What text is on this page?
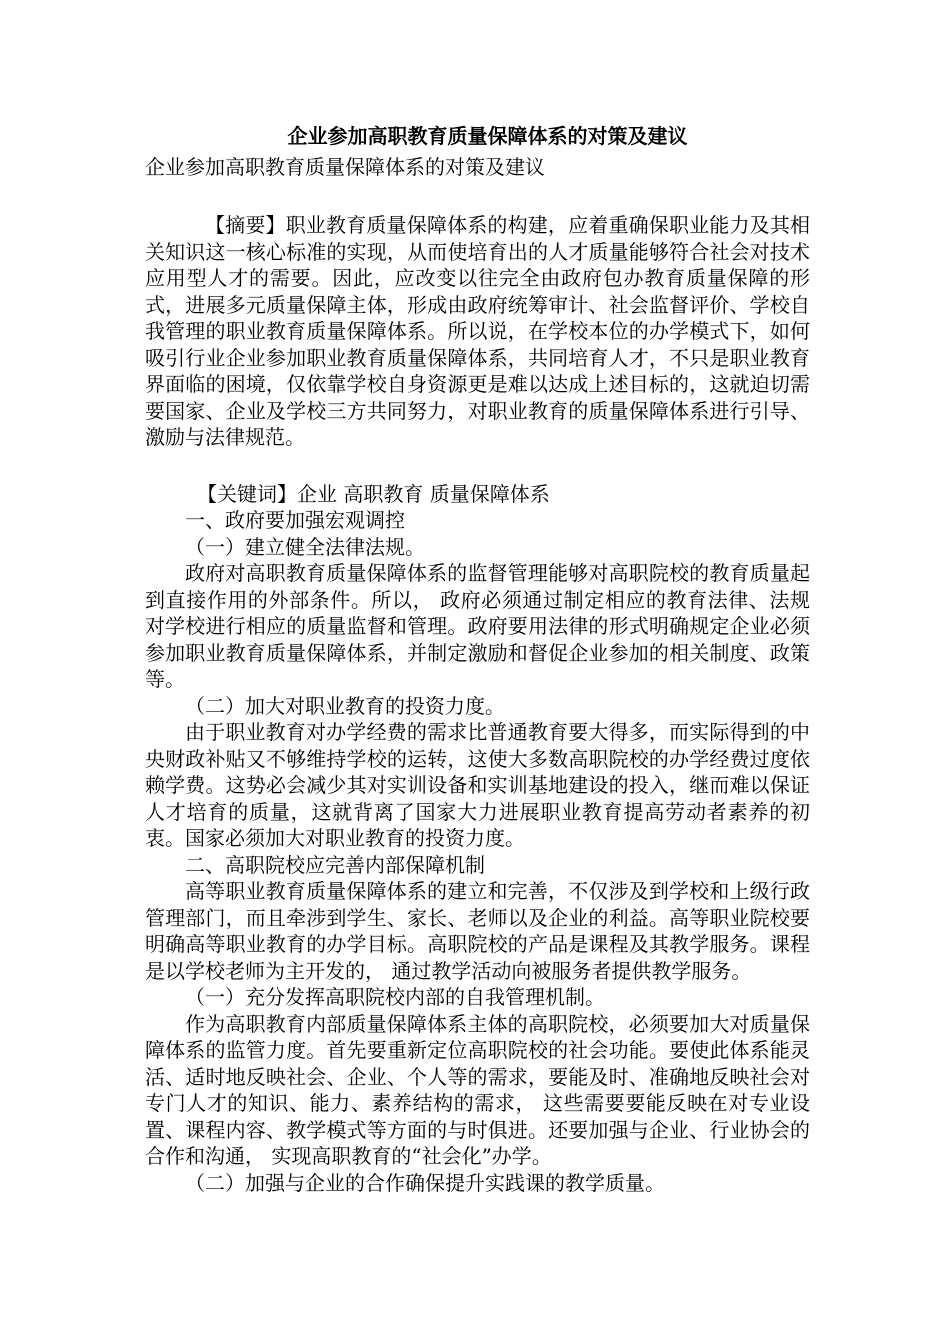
企业参加高职教育质量保障体系的对策及建议

企业参加高职教育质量保障体系的对策及建议

【摘要】职业教育质量保障体系的构建，应着重确保职业能力及其相关知识这一核心标准的实现，从而使培育出的人才质量能够符合社会对技术应用型人才的需要。因此，应改变以往完全由政府包办教育质量保障的形式，进展多元质量保障主体，形成由政府统筹审计、社会监督评价、学校自我管理的职业教育质量保障体系。所以说，在学校本位的办学模式下，如何吸引行业企业参加职业教育质量保障体系，共同培育人才，不只是职业教育界面临的困境，仅依靠学校自身资源更是难以达成上述目标的，这就迫切需要国家、企业及学校三方共同努力，对职业教育的质量保障体系进行引导、激励与法律规范。

【关键词】企业 高职教育 质量保障体系

一、政府要加强宏观调控

（一）建立健全法律法规。

政府对高职教育质量保障体系的监督管理能够对高职院校的教育质量起到直接作用的外部条件。所以， 政府必须通过制定相应的教育法律、法规对学校进行相应的质量监督和管理。政府要用法律的形式明确规定企业必须参加职业教育质量保障体系，并制定激励和督促企业参加的相关制度、政策等。

（二）加大对职业教育的投资力度。

由于职业教育对办学经费的需求比普通教育要大得多，而实际得到的中央财政补贴又不够维持学校的运转，这使大多数高职院校的办学经费过度依赖学费。这势必会减少其对实训设备和实训基地建设的投入，继而难以保证人才培育的质量，这就背离了国家大力进展职业教育提高劳动者素养的初衷。国家必须加大对职业教育的投资力度。

二、高职院校应完善内部保障机制

高等职业教育质量保障体系的建立和完善，不仅涉及到学校和上级行政管理部门，而且牵涉到学生、家长、老师以及企业的利益。高等职业院校要明确高等职业教育的办学目标。高职院校的产品是课程及其教学服务。课程是以学校老师为主开发的， 通过教学活动向被服务者提供教学服务。

（一）充分发挥高职院校内部的自我管理机制。

作为高职教育内部质量保障体系主体的高职院校，必须要加大对质量保障体系的监管力度。首先要重新定位高职院校的社会功能。要使此体系能灵活、适时地反映社会、企业、个人等的需求，要能及时、准确地反映社会对专门人才的知识、能力、素养结构的需求， 这些需要要能反映在对专业设置、课程内容、教学模式等方面的与时俱进。还要加强与企业、行业协会的合作和沟通， 实现高职教育的“社会化”办学。

（二）加强与企业的合作确保提升实践课的教学质量。
